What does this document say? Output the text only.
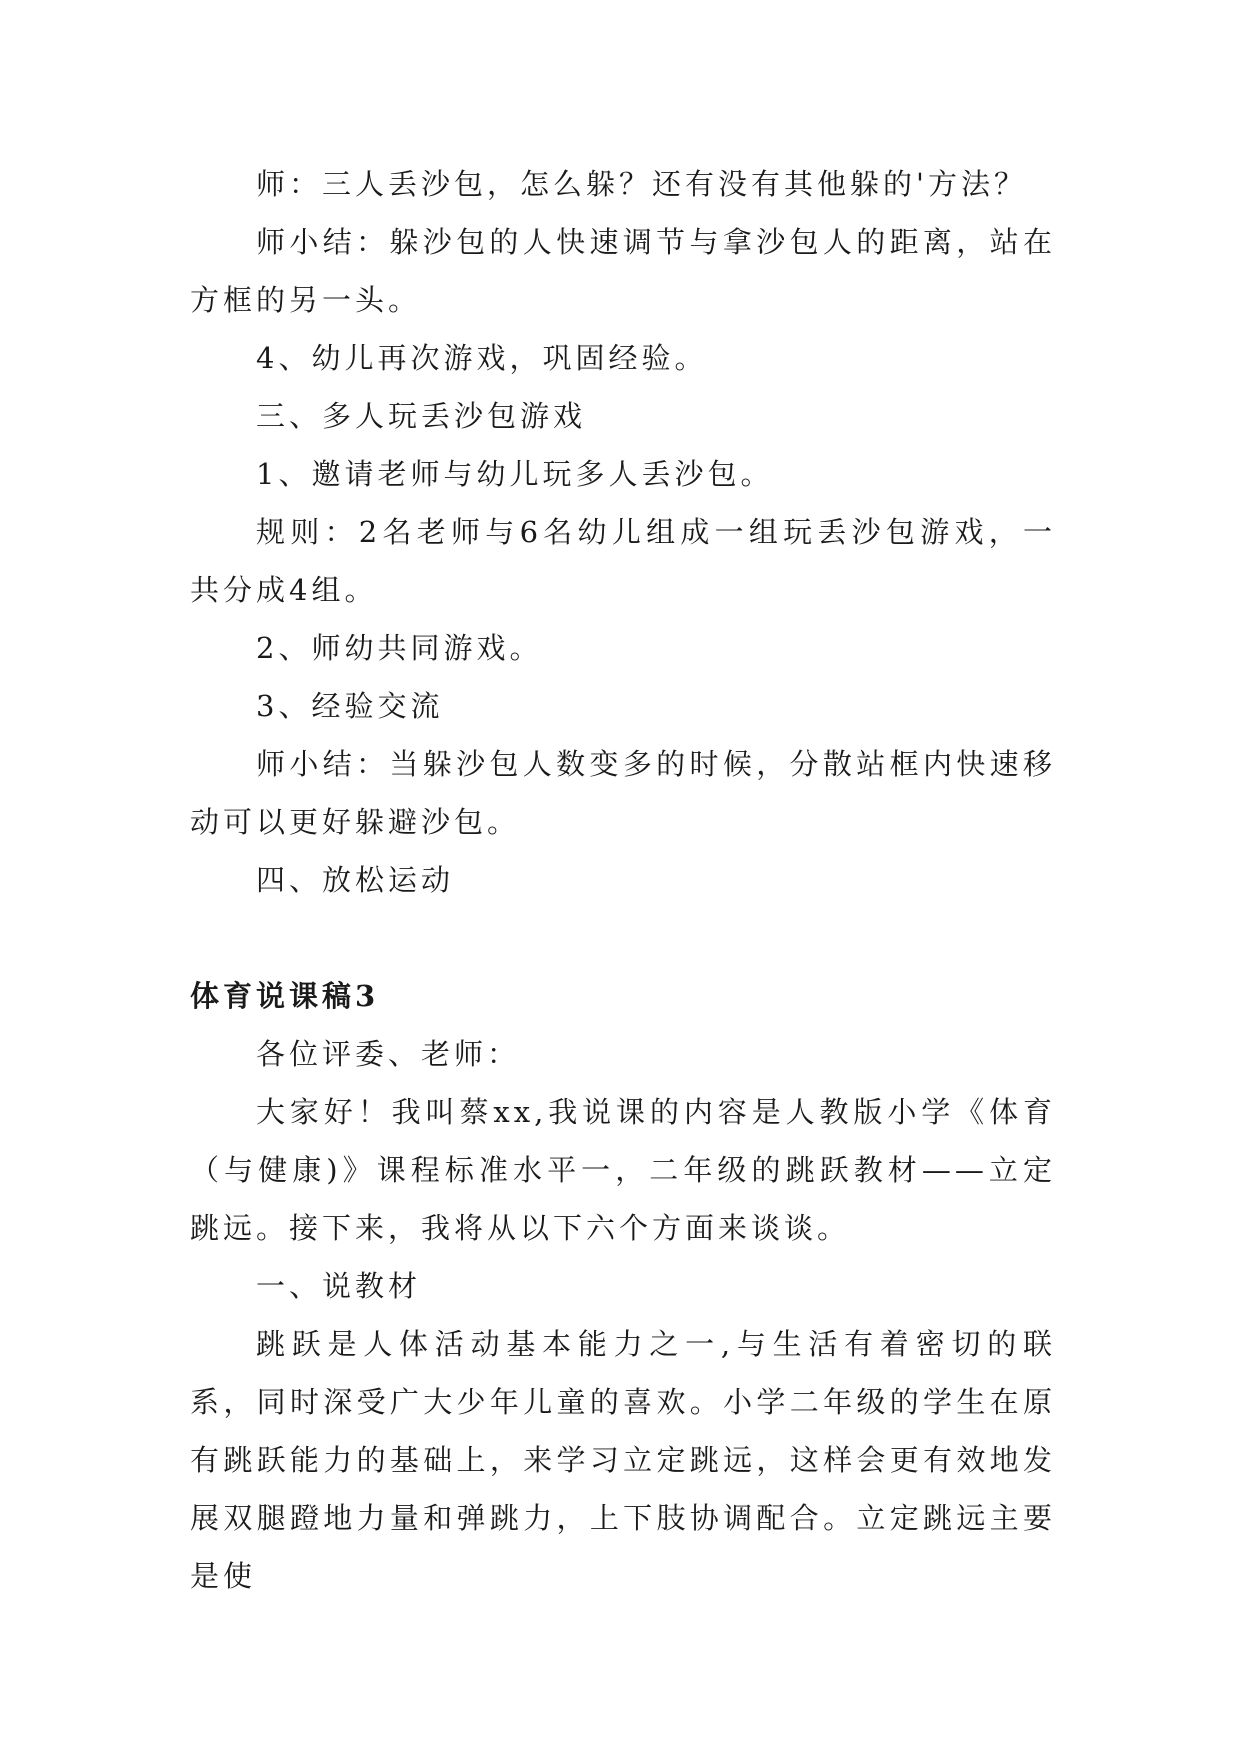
师：三人丢沙包，怎么躲？还有没有其他躲的'方法？

师小结：躲沙包的人快速调节与拿沙包人的距离，站在方框的另一头。

4、幼儿再次游戏，巩固经验。

三、多人玩丢沙包游戏

1、邀请老师与幼儿玩多人丢沙包。

规则：2名老师与6名幼儿组成一组玩丢沙包游戏，一共分成4组。

2、师幼共同游戏。

3、经验交流

师小结：当躲沙包人数变多的时候，分散站框内快速移动可以更好躲避沙包。

四、放松运动

体育说课稿3

各位评委、老师：

大家好！我叫蔡xx,我说课的内容是人教版小学《体育（与健康)》课程标准水平一，二年级的跳跃教材——立定跳远。接下来，我将从以下六个方面来谈谈。

一、说教材

跳跃是人体活动基本能力之一,与生活有着密切的联系，同时深受广大少年儿童的喜欢。小学二年级的学生在原有跳跃能力的基础上，来学习立定跳远，这样会更有效地发展双腿蹬地力量和弹跳力，上下肢协调配合。立定跳远主要是使
